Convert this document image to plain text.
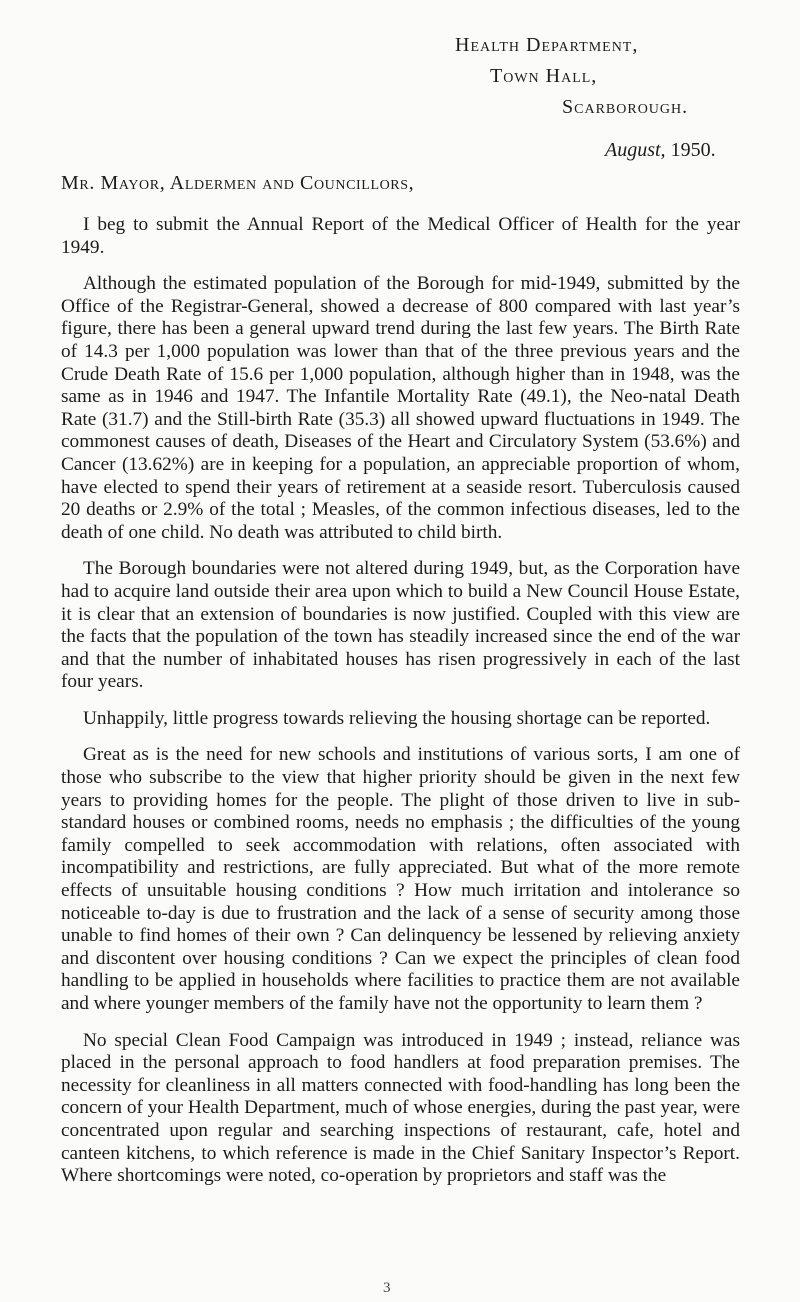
Health Department,
Town Hall,
Scarborough.
August, 1950.
Mr. Mayor, Aldermen and Councillors,

I beg to submit the Annual Report of the Medical Officer of Health for the year 1949.

Although the estimated population of the Borough for mid-1949, submitted by the Office of the Registrar-General, showed a decrease of 800 compared with last year’s figure, there has been a general upward trend during the last few years. The Birth Rate of 14.3 per 1,000 population was lower than that of the three previous years and the Crude Death Rate of 15.6 per 1,000 population, although higher than in 1948, was the same as in 1946 and 1947. The Infantile Mortality Rate (49.1), the Neo-natal Death Rate (31.7) and the Still-birth Rate (35.3) all showed upward fluctuations in 1949. The commonest causes of death, Diseases of the Heart and Circulatory System (53.6%) and Cancer (13.62%) are in keeping for a population, an appreciable proportion of whom, have elected to spend their years of retirement at a seaside resort. Tuberculosis caused 20 deaths or 2.9% of the total ; Measles, of the common infectious diseases, led to the death of one child. No death was attributed to child birth.

The Borough boundaries were not altered during 1949, but, as the Corporation have had to acquire land outside their area upon which to build a New Council House Estate, it is clear that an extension of boundaries is now justified. Coupled with this view are the facts that the population of the town has steadily increased since the end of the war and that the number of inhabitated houses has risen progressively in each of the last four years.

Unhappily, little progress towards relieving the housing shortage can be reported.

Great as is the need for new schools and institutions of various sorts, I am one of those who subscribe to the view that higher priority should be given in the next few years to providing homes for the people. The plight of those driven to live in sub-standard houses or combined rooms, needs no emphasis ; the difficulties of the young family compelled to seek accommodation with relations, often associated with incompatibility and restrictions, are fully appreciated. But what of the more remote effects of unsuitable housing conditions ? How much irritation and intolerance so noticeable to-day is due to frustration and the lack of a sense of security among those unable to find homes of their own ? Can delinquency be lessened by relieving anxiety and discontent over housing conditions ? Can we expect the principles of clean food handling to be applied in households where facilities to practice them are not available and where younger members of the family have not the opportunity to learn them ?

No special Clean Food Campaign was introduced in 1949 ; instead, reliance was placed in the personal approach to food handlers at food preparation premises. The necessity for cleanliness in all matters connected with food-handling has long been the concern of your Health Department, much of whose energies, during the past year, were concentrated upon regular and searching inspections of restaurant, cafe, hotel and canteen kitchens, to which reference is made in the Chief Sanitary Inspector’s Report. Where shortcomings were noted, co-operation by proprietors and staff was the

3
